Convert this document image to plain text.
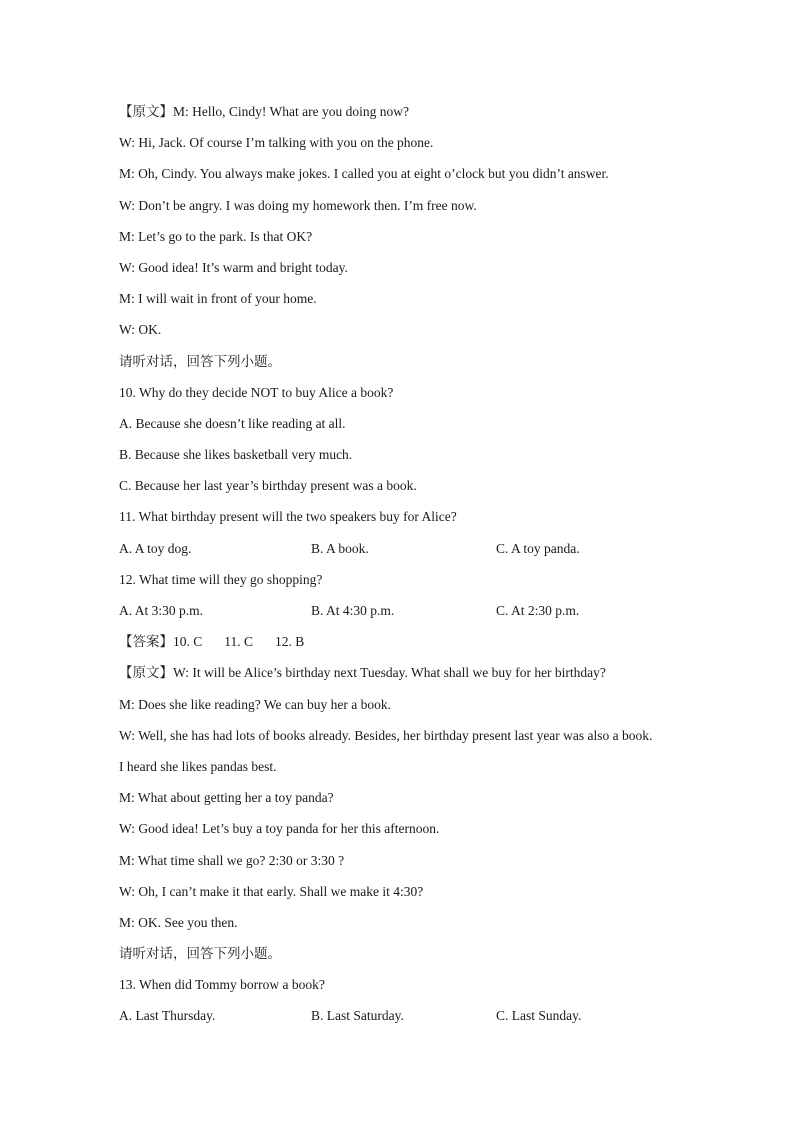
【原文】M: Hello, Cindy! What are you doing now?
W: Hi, Jack. Of course I’m talking with you on the phone.
M: Oh, Cindy. You always make jokes. I called you at eight o’clock but you didn’t answer.
W: Don’t be angry. I was doing my homework then. I’m free now.
M: Let’s go to the park. Is that OK?
W: Good idea! It’s warm and bright today.
M: I will wait in front of your home.
W: OK.
请听对话，回答下列小题。
10. Why do they decide NOT to buy Alice a book?
A. Because she doesn’t like reading at all.
B. Because she likes basketball very much.
C. Because her last year’s birthday present was a book.
11. What birthday present will the two speakers buy for Alice?
A. A toy dog.	B. A book.	C. A toy panda.
12. What time will they go shopping?
A. At 3:30 p.m.	B. At 4:30 p.m.	C. At 2:30 p.m.
【答案】10. C 11. C 12. B
【原文】W: It will be Alice’s birthday next Tuesday. What shall we buy for her birthday?
M: Does she like reading? We can buy her a book.
W: Well, she has had lots of books already. Besides, her birthday present last year was also a book.
I heard she likes pandas best.
M: What about getting her a toy panda?
W: Good idea! Let’s buy a toy panda for her this afternoon.
M: What time shall we go? 2:30 or 3:30 ?
W: Oh, I can’t make it that early. Shall we make it 4:30?
M: OK. See you then.
请听对话，回答下列小题。
13. When did Tommy borrow a book?
A. Last Thursday.	B. Last Saturday.	C. Last Sunday.
